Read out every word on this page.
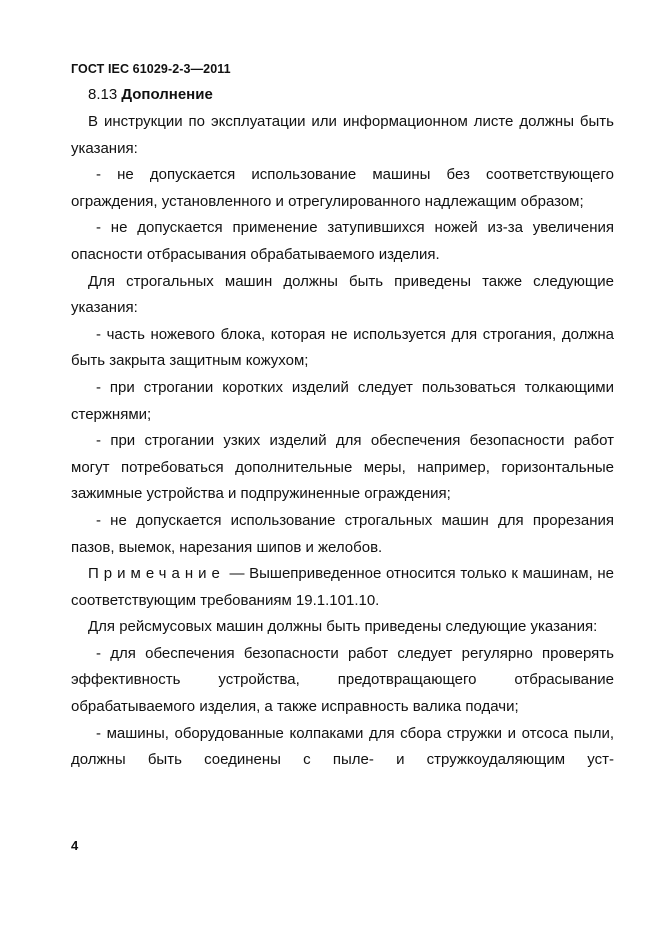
ГОСТ IEC 61029-2-3—2011
8.13 Дополнение

В инструкции по эксплуатации или информационном листе должны быть указания:

- не допускается использование машины без соответствующего ограждения, установленного и отрегулированного надлежащим образом;

- не допускается применение затупившихся ножей из-за увеличения опасности отбрасывания обрабатываемого изделия.

Для строгальных машин должны быть приведены также следующие указания:

- часть ножевого блока, которая не используется для строгания, должна быть закрыта защитным кожухом;

- при строгании коротких изделий следует пользоваться толкающими стержнями;

- при строгании узких изделий для обеспечения безопасности работ могут потребоваться дополнительные меры, например, горизонтальные зажимные устройства и подпружиненные ограждения;

- не допускается использование строгальных машин для прорезания пазов, выемок, нарезания шипов и желобов.

Примечание — Вышеприведенное относится только к машинам, не соответствующим требованиям 19.1.101.10.

Для рейсмусовых машин должны быть приведены следующие указания:

- для обеспечения безопасности работ следует регулярно проверять эффективность устройства, предотвращающего отбрасывание обрабатываемого изделия, а также исправность валика подачи;

- машины, оборудованные колпаками для сбора стружки и отсоса пыли, должны быть соединены с пыле- и стружкоудаляющим уст-

4
